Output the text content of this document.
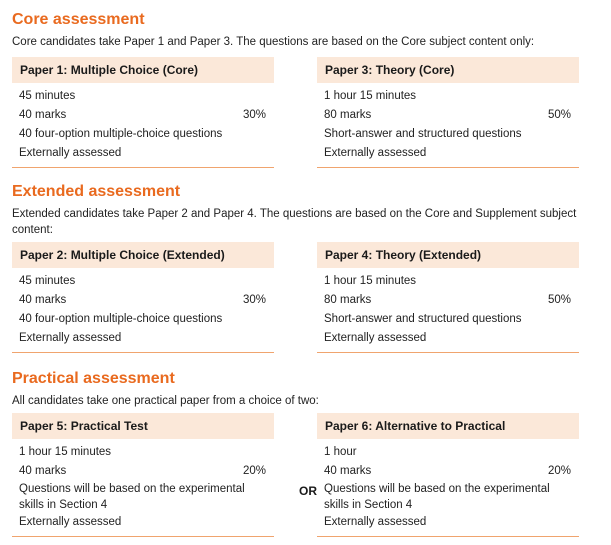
Core assessment

Core candidates take Paper 1 and Paper 3. The questions are based on the Core subject content only:

Paper 1: Multiple Choice (Core)
45 minutes
40 marks	30%
40 four-option multiple-choice questions
Externally assessed
Paper 3: Theory (Core)
1 hour 15 minutes
80 marks	50%
Short-answer and structured questions
Externally assessed
Extended assessment

Extended candidates take Paper 2 and Paper 4. The questions are based on the Core and Supplement subject content:

Paper 2: Multiple Choice (Extended)
45 minutes
40 marks	30%
40 four-option multiple-choice questions
Externally assessed
Paper 4: Theory (Extended)
1 hour 15 minutes
80 marks	50%
Short-answer and structured questions
Externally assessed
Practical assessment

All candidates take one practical paper from a choice of two:

Paper 5: Practical Test
1 hour 15 minutes
40 marks	20%
Questions will be based on the experimental
skills in Section 4
Externally assessed
OR
Paper 6: Alternative to Practical
1 hour
40 marks	20%
Questions will be based on the experimental
skills in Section 4
Externally assessed
